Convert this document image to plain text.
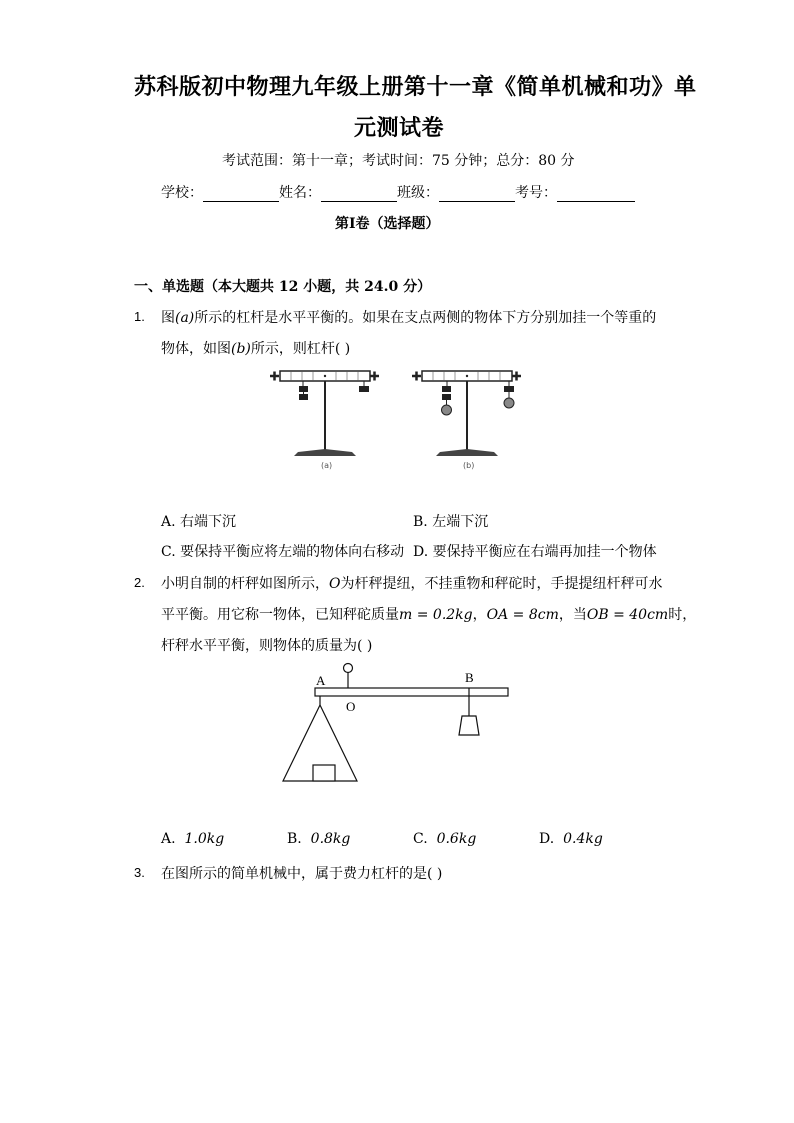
苏科版初中物理九年级上册第十一章《简单机械和功》单
元测试卷
考试范围：第十一章；考试时间：75 分钟；总分：80 分
学校：	姓名：	班级：	考号：
第Ⅰ卷（选择题）
一、单选题（本大题共 12 小题，共 24.0 分）
1. 图(a)所示的杠杆是水平平衡的。如果在支点两侧的物体下方分别加挂一个等重的
物体，如图(b)所示，则杠杆( )
(a)	(b)
A. 右端下沉	B. 左端下沉
C. 要保持平衡应将左端的物体向右移动 D. 要保持平衡应在右端再加挂一个物体
2. 小明自制的杆秤如图所示，O为杆秤提纽，不挂重物和秤砣时，手提提纽杆秤可水
平平衡。用它称一物体，已知秤砣质量m = 0.2kg，OA = 8cm，当OB = 40cm时，
杆秤水平平衡，则物体的质量为( )
A	B
O
A. 1.0kg	B. 0.8kg	C. 0.6kg	D. 0.4kg
3. 在图所示的简单机械中，属于费力杠杆的是( )
